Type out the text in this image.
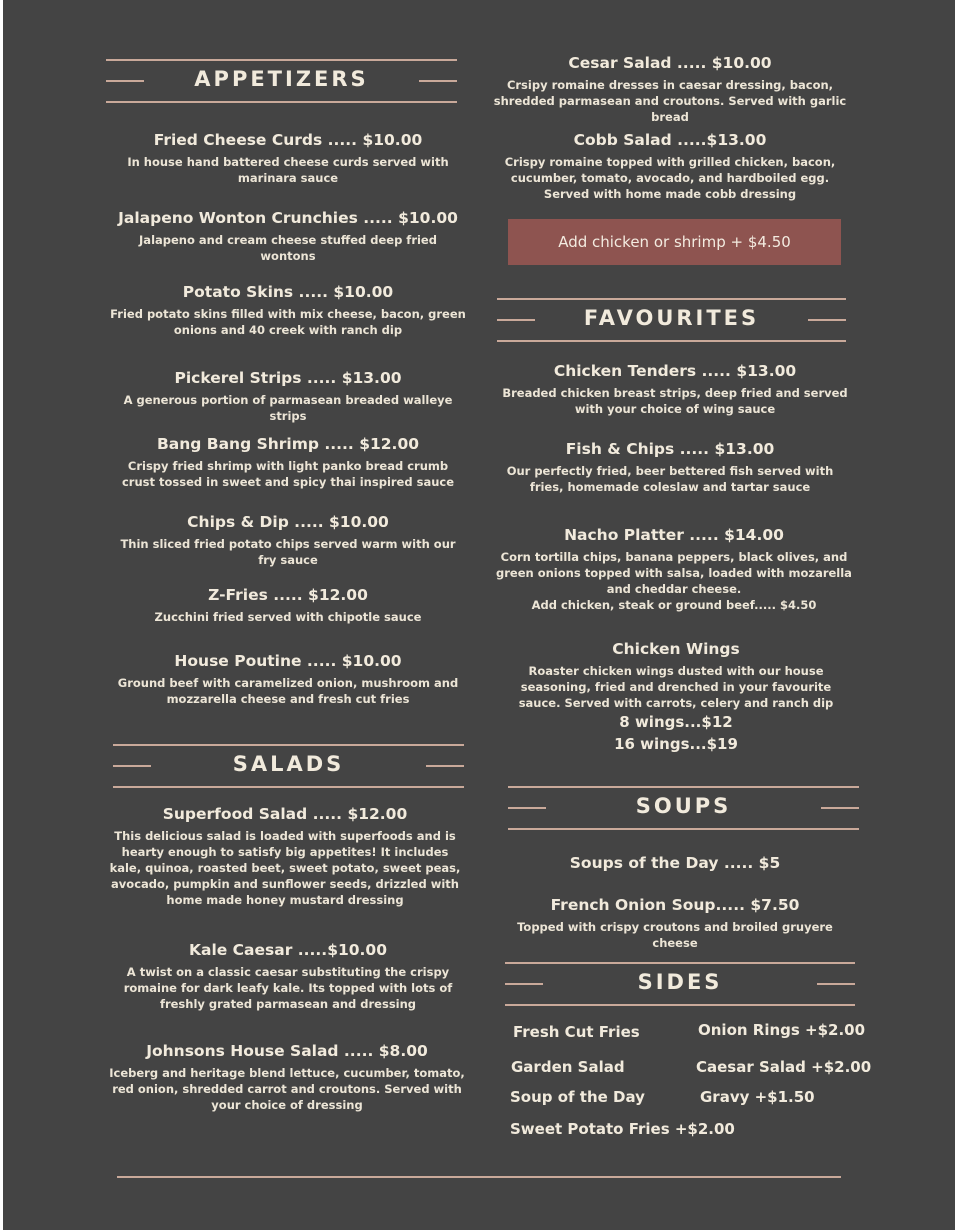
APPETIZERS
Fried Cheese Curds ..... $10.00
In house hand battered cheese curds served with marinara sauce
Jalapeno Wonton Crunchies ..... $10.00
Jalapeno and cream cheese stuffed deep fried wontons
Potato Skins ..... $10.00
Fried potato skins filled with mix cheese, bacon, green onions and 40 creek with ranch dip
Pickerel Strips ..... $13.00
A generous portion of parmasean breaded walleye strips
Bang Bang Shrimp ..... $12.00
Crispy fried shrimp with light panko bread crumb crust tossed in sweet and spicy thai inspired sauce
Chips & Dip ..... $10.00
Thin sliced fried potato chips served warm with our fry sauce
Z-Fries ..... $12.00
Zucchini fried served with chipotle sauce
House Poutine ..... $10.00
Ground beef with caramelized onion, mushroom and mozzarella cheese and fresh cut fries
SALADS
Superfood Salad ..... $12.00
This delicious salad is loaded with superfoods and is hearty enough to satisfy big appetites! It includes kale, quinoa, roasted beet, sweet potato, sweet peas, avocado, pumpkin and sunflower seeds, drizzled with home made honey mustard dressing
Kale Caesar .....$10.00
A twist on a classic caesar substituting the crispy romaine for dark leafy kale. Its topped with lots of freshly grated parmasean and dressing
Johnsons House Salad ..... $8.00
Iceberg and heritage blend lettuce, cucumber, tomato, red onion, shredded carrot and croutons. Served with your choice of dressing
Cesar Salad ..... $10.00
Crsipy romaine dresses in caesar dressing, bacon, shredded parmasean and croutons. Served with garlic bread
Cobb Salad .....$13.00
Crispy romaine topped with grilled chicken, bacon, cucumber, tomato, avocado, and hardboiled egg. Served with home made cobb dressing
Add chicken or shrimp + $4.50
FAVOURITES
Chicken Tenders ..... $13.00
Breaded chicken breast strips, deep fried and served with your choice of wing sauce
Fish & Chips ..... $13.00
Our perfectly fried, beer bettered fish served with fries, homemade coleslaw and tartar sauce
Nacho Platter ..... $14.00
Corn tortilla chips, banana peppers, black olives, and green onions topped with salsa, loaded with mozarella and cheddar cheese.
Add chicken, steak or ground beef..... $4.50
Chicken Wings
Roaster chicken wings dusted with our house seasoning, fried and drenched in your favourite sauce. Served with carrots, celery and ranch dip
8 wings...$12
16 wings...$19
SOUPS
Soups of the Day ..... $5
French Onion Soup..... $7.50
Topped with crispy croutons and broiled gruyere cheese
SIDES
Fresh Cut Fries	Onion Rings +$2.00
Garden Salad	Caesar Salad +$2.00
Soup of the Day	Gravy +$1.50
Sweet Potato Fries +$2.00
